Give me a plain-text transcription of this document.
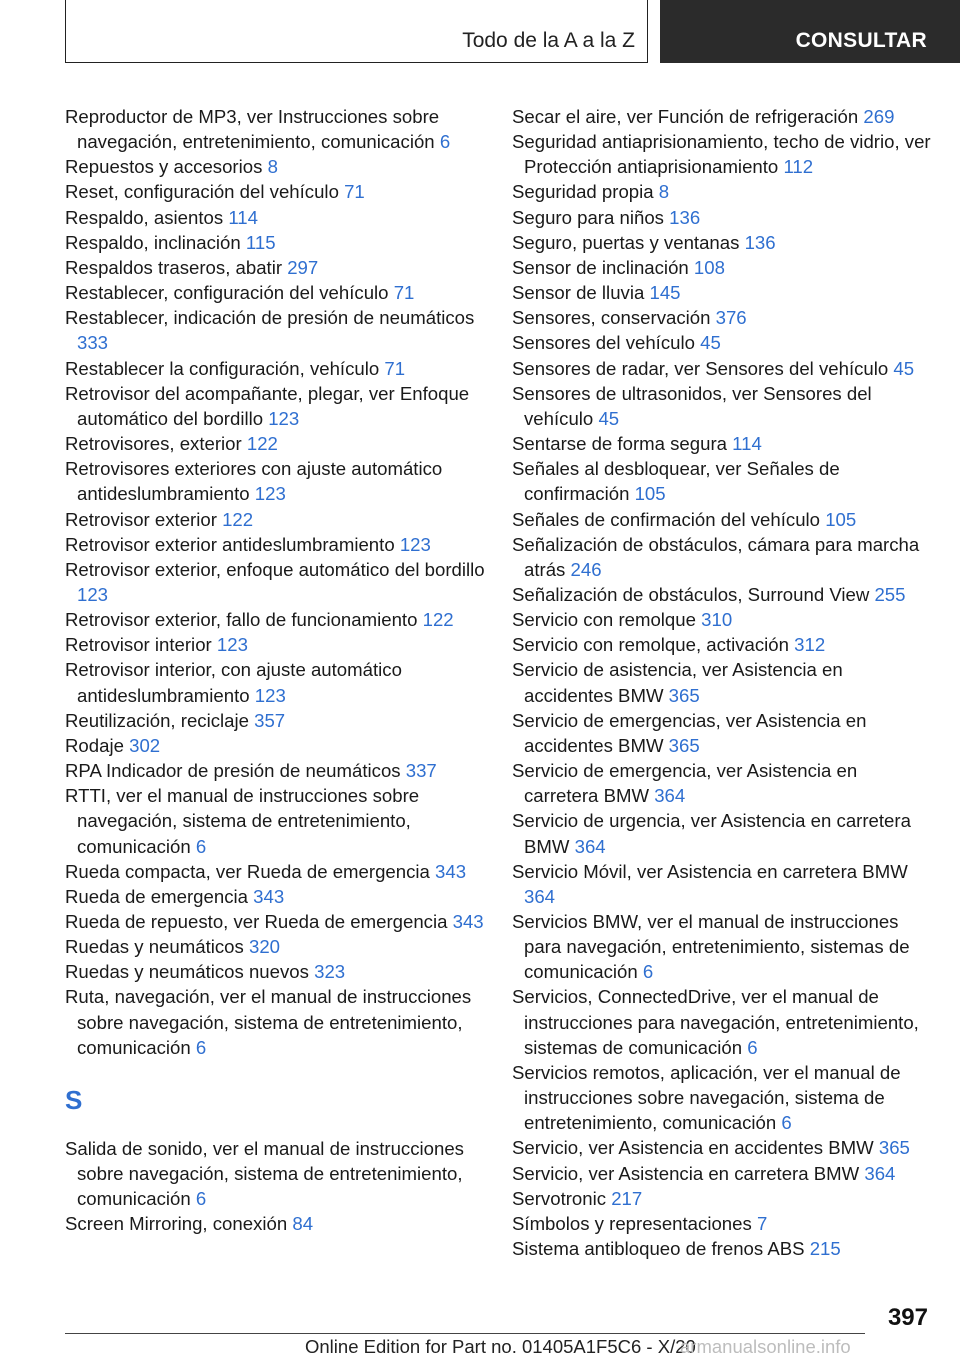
Todo de la A a la Z	CONSULTAR
Reproductor de MP3, ver Instrucciones sobre navegación, entretenimiento, comunicación 6
Repuestos y accesorios 8
Reset, configuración del vehículo 71
Respaldo, asientos 114
Respaldo, inclinación 115
Respaldos traseros, abatir 297
Restablecer, configuración del vehículo 71
Restablecer, indicación de presión de neumáticos 333
Restablecer la configuración, vehículo 71
Retrovisor del acompañante, plegar, ver Enfoque automático del bordillo 123
Retrovisores, exterior 122
Retrovisores exteriores con ajuste automático antideslumbramiento 123
Retrovisor exterior 122
Retrovisor exterior antideslumbramiento 123
Retrovisor exterior, enfoque automático del bordillo 123
Retrovisor exterior, fallo de funcionamiento 122
Retrovisor interior 123
Retrovisor interior, con ajuste automático antideslumbramiento 123
Reutilización, reciclaje 357
Rodaje 302
RPA Indicador de presión de neumáticos 337
RTTI, ver el manual de instrucciones sobre navegación, sistema de entretenimiento, comunicación 6
Rueda compacta, ver Rueda de emergencia 343
Rueda de emergencia 343
Rueda de repuesto, ver Rueda de emergencia 343
Ruedas y neumáticos 320
Ruedas y neumáticos nuevos 323
Ruta, navegación, ver el manual de instrucciones sobre navegación, sistema de entretenimiento, comunicación 6
S
Salida de sonido, ver el manual de instrucciones sobre navegación, sistema de entretenimiento, comunicación 6
Screen Mirroring, conexión 84
Secar el aire, ver Función de refrigeración 269
Seguridad antiaprisionamiento, techo de vidrio, ver Protección antiaprisionamiento 112
Seguridad propia 8
Seguro para niños 136
Seguro, puertas y ventanas 136
Sensor de inclinación 108
Sensor de lluvia 145
Sensores, conservación 376
Sensores del vehículo 45
Sensores de radar, ver Sensores del vehículo 45
Sensores de ultrasonidos, ver Sensores del vehículo 45
Sentarse de forma segura 114
Señales al desbloquear, ver Señales de confirmación 105
Señales de confirmación del vehículo 105
Señalización de obstáculos, cámara para marcha atrás 246
Señalización de obstáculos, Surround View 255
Servicio con remolque 310
Servicio con remolque, activación 312
Servicio de asistencia, ver Asistencia en accidentes BMW 365
Servicio de emergencias, ver Asistencia en accidentes BMW 365
Servicio de emergencia, ver Asistencia en carretera BMW 364
Servicio de urgencia, ver Asistencia en carretera BMW 364
Servicio Móvil, ver Asistencia en carretera BMW 364
Servicios BMW, ver el manual de instrucciones para navegación, entretenimiento, sistemas de comunicación 6
Servicios, ConnectedDrive, ver el manual de instrucciones para navegación, entretenimiento, sistemas de comunicación 6
Servicios remotos, aplicación, ver el manual de instrucciones sobre navegación, sistema de entretenimiento, comunicación 6
Servicio, ver Asistencia en accidentes BMW 365
Servicio, ver Asistencia en carretera BMW 364
Servotronic 217
Símbolos y representaciones 7
Sistema antibloqueo de frenos ABS 215
397
Online Edition for Part no. 01405A1F5C6 - X/20
armanualsonline.info
